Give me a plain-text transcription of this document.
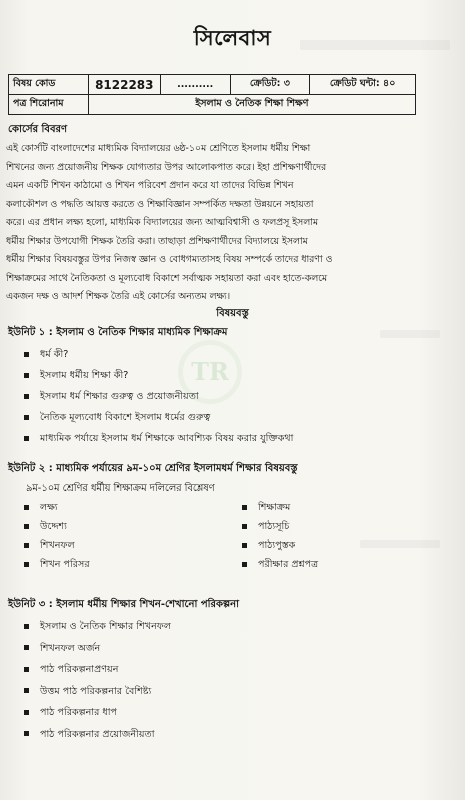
সিলেবাস
বিষয় কোড	8122283	..........	ক্রেডিট: ৩	ক্রেডিট ঘন্টা: ৪০
পত্র শিরোনাম	ইসলাম ও নৈতিক শিক্ষা শিক্ষণ			
কোর্সের বিবরণ
এই কোর্সটি বাংলাদেশের মাধ্যমিক বিদ্যালয়ের ৬ষ্ঠ-১০ম শ্রেণিতে ইসলাম ধর্মীয় শিক্ষা
শিখনের জন্য প্রয়োজনীয় শিক্ষক যোগ্যতার উপর আলোকপাত করে। ইহা প্রশিক্ষণার্থীদের
এমন একটি শিখন কাঠামো ও শিখন পরিবেশ প্রদান করে যা তাদের বিভিন্ন শিখন
কলাকৌশল ও পদ্ধতি আয়ত্ত করতে ও শিক্ষাবিজ্ঞান সম্পর্কিত দক্ষতা উন্নয়নে সহায়তা
করে। এর প্রধান লক্ষ্য হলো, মাধ্যমিক বিদ্যালয়ের জন্য আত্মবিশ্বাসী ও ফলপ্রসূ ইসলাম
ধর্মীয় শিক্ষার উপযোগী শিক্ষক তৈরি করা। তাছাড়া প্রশিক্ষণার্থীদের বিদ্যালয়ে ইসলাম
ধর্মীয় শিক্ষার বিষয়বস্তুর উপর নিজস্ব জ্ঞান ও বোধগম্যতাসহ বিষয় সম্পর্কে তাদের ধারণা ও
শিক্ষাক্রমের সাথে নৈতিকতা ও মূল্যবোধ বিকাশে সর্বাত্মক সহায়তা করা এবং হাতে-কলমে
একজন দক্ষ ও আদর্শ শিক্ষক তৈরি এই কোর্সের অন্যতম লক্ষ্য।
বিষয়বস্তু
TR
ইউনিট ১ : ইসলাম ও নৈতিক শিক্ষার মাধ্যমিক শিক্ষাক্রম
ধর্ম কী?
ইসলাম ধর্মীয় শিক্ষা কী?
ইসলাম ধর্ম শিক্ষার গুরুত্ব ও প্রয়োজনীয়তা
নৈতিক মূল্যবোধ বিকাশে ইসলাম ধর্মের গুরুত্ব
মাধ্যমিক পর্যায়ে ইসলাম ধর্ম শিক্ষাকে আবশ্যিক বিষয় করার যুক্তিকথা
ইউনিট ২ : মাধ্যমিক পর্যায়ের ৯ম-১০ম শ্রেণির ইসলামধর্ম শিক্ষার বিষয়বস্তু
৯ম-১০ম শ্রেণির ধর্মীয় শিক্ষাক্রম দলিলের বিশ্লেষণ
লক্ষ্য
উদ্দেশ্য
শিখনফল
শিখন পরিসর
শিক্ষাক্রম
পাঠ্যসূচি
পাঠ্যপুস্তক
পরীক্ষার প্রশ্নপত্র
ইউনিট ৩ : ইসলাম ধর্মীয় শিক্ষার শিখন-শেখানো পরিকল্পনা
ইসলাম ও নৈতিক শিক্ষার শিখনফল
শিখনফল অর্জন
পাঠ পরিকল্পনাপ্রণয়ন
উত্তম পাঠ পরিকল্পনার বৈশিষ্ট্য
পাঠ পরিকল্পনার ধাপ
পাঠ পরিকল্পনার প্রয়োজনীয়তা
